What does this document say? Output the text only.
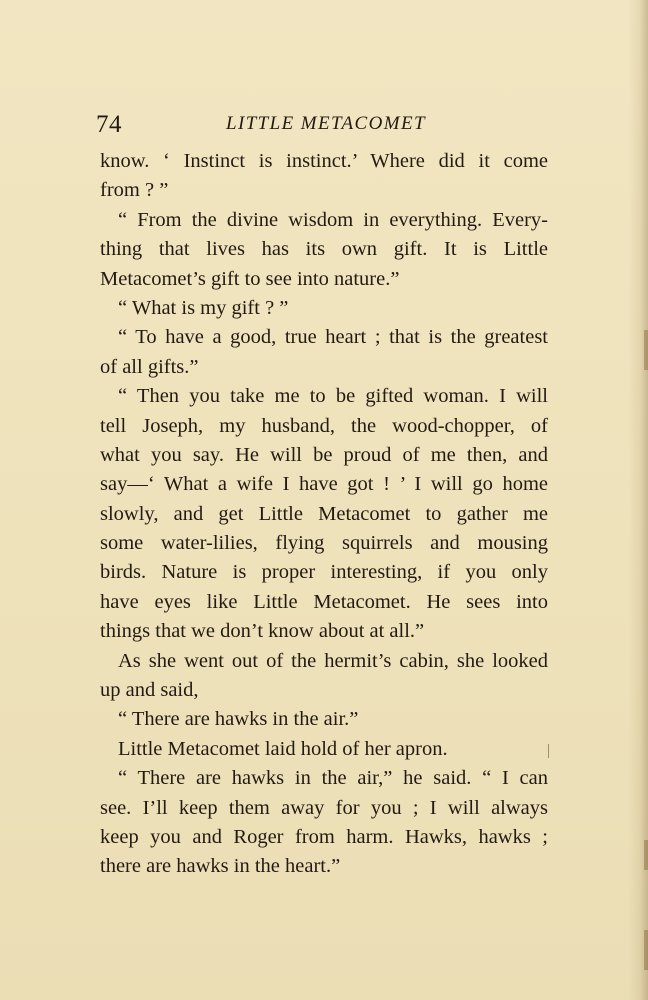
74	LITTLE METACOMET
know. ‘ Instinct is instinct.’ Where did it come
from ? ”
“ From the divine wisdom in everything. Every-
thing that lives has its own gift. It is Little
Metacomet’s gift to see into nature.”
“ What is my gift ? ”
“ To have a good, true heart ; that is the greatest
of all gifts.”
“ Then you take me to be gifted woman. I will
tell Joseph, my husband, the wood-chopper, of
what you say. He will be proud of me then, and
say—‘ What a wife I have got ! ’ I will go home
slowly, and get Little Metacomet to gather me
some water-lilies, flying squirrels and mousing
birds. Nature is proper interesting, if you only
have eyes like Little Metacomet. He sees into
things that we don’t know about at all.”
As she went out of the hermit’s cabin, she looked
up and said,
“ There are hawks in the air.”
Little Metacomet laid hold of her apron.
“ There are hawks in the air,” he said. “ I can
see. I’ll keep them away for you ; I will always
keep you and Roger from harm. Hawks, hawks ;
there are hawks in the heart.”
